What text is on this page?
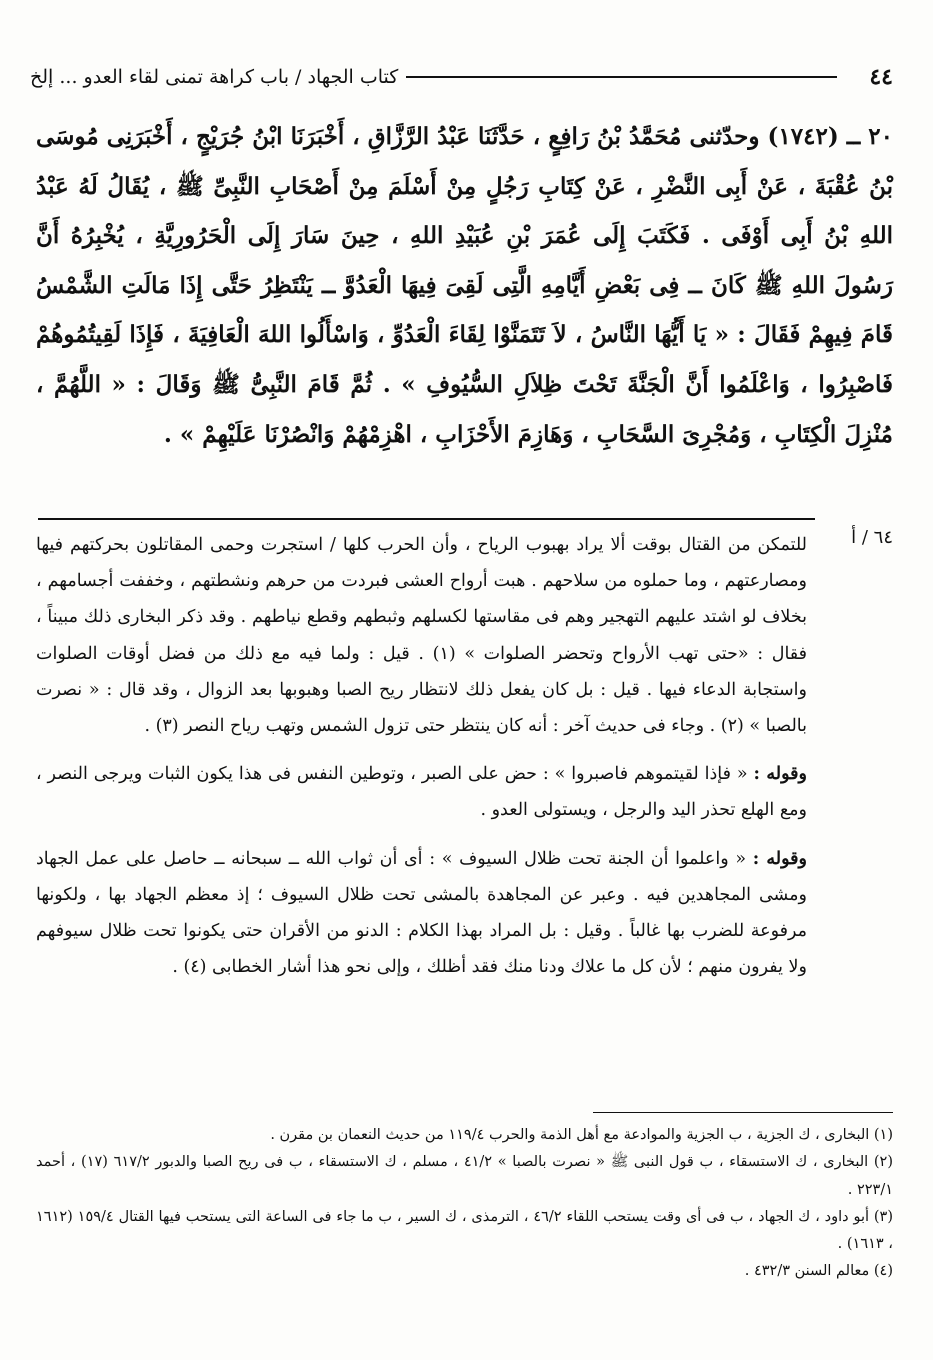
٤٤
كتاب الجهاد / باب كراهة تمنى لقاء العدو ... إلخ

٢٠ ــ (١٧٤٢) وحدّثنى مُحَمَّدُ بْنُ رَافِعٍ ، حَدَّثَنَا عَبْدُ الرَّزَّاقِ ، أَخْبَرَنَا ابْنُ جُرَيْجٍ ، أَخْبَرَنِى مُوسَى بْنُ عُقْبَةَ ، عَنْ أَبِى النَّضْرِ ، عَنْ كِتَابِ رَجُلٍ مِنْ أَسْلَمَ مِنْ أَصْحَابِ النَّبِىِّ ﷺ ، يُقَالُ لَهُ عَبْدُ اللهِ بْنُ أَبِى أَوْفَى . فَكَتَبَ إِلَى عُمَرَ بْنِ عُبَيْدِ اللهِ ، حِينَ سَارَ إِلَى الْحَرُورِيَّةِ ، يُخْبِرُهُ أَنَّ رَسُولَ اللهِ ﷺ كَانَ ــ فِى بَعْضِ أَيَّامِهِ الَّتِى لَقِىَ فِيهَا الْعَدُوَّ ــ يَنْتَظِرُ حَتَّى إِذَا مَالَتِ الشَّمْسُ قَامَ فِيهِمْ فَقَالَ : « يَا أَيُّهَا النَّاسُ ، لاَ تَتَمَنَّوْا لِقَاءَ الْعَدُوِّ ، وَاسْأَلُوا اللهَ الْعَافِيَةَ ، فَإِذَا لَقِيتُمُوهُمْ فَاصْبِرُوا ، وَاعْلَمُوا أَنَّ الْجَنَّةَ تَحْتَ ظِلاَلِ السُّيُوفِ » . ثُمَّ قَامَ النَّبِىُّ ﷺ وَقَالَ : « اللَّهُمَّ ، مُنْزِلَ الْكِتَابِ ، وَمُجْرِىَ السَّحَابِ ، وَهَازِمَ الأَحْزَابِ ، اهْزِمْهُمْ وَانْصُرْنَا عَلَيْهِمْ » .

٦٤ / أ

للتمكن من القتال بوقت ألا يراد بهبوب الرياح ، وأن الحرب كلها / استجرت وحمى المقاتلون بحركتهم فيها ومصارعتهم ، وما حملوه من سلاحهم . هبت أرواح العشى فبردت من حرهم ونشطتهم ، وخففت أجسامهم ، بخلاف لو اشتد عليهم التهجير وهم فى مقاستها لكسلهم وثبطهم وقطع نياطهم . وقد ذكر البخارى ذلك مبيناً ، فقال : «حتى تهب الأرواح وتحضر الصلوات » (١) . قيل : ولما فيه مع ذلك من فضل أوقات الصلوات واستجابة الدعاء فيها . قيل : بل كان يفعل ذلك لانتظار ريح الصبا وهبوبها بعد الزوال ، وقد قال : « نصرت بالصبا » (٢) . وجاء فى حديث آخر : أنه كان ينتظر حتى تزول الشمس وتهب رياح النصر (٣) .

وقوله : « فإذا لقيتموهم فاصبروا » : حض على الصبر ، وتوطين النفس فى هذا يكون الثبات ويرجى النصر ، ومع الهلع تحذر اليد والرجل ، ويستولى العدو .

وقوله : « واعلموا أن الجنة تحت ظلال السيوف » : أى أن ثواب الله ــ سبحانه ــ حاصل على عمل الجهاد ومشى المجاهدين فيه . وعبر عن المجاهدة بالمشى تحت ظلال السيوف ؛ إذ معظم الجهاد بها ، ولكونها مرفوعة للضرب بها غالباً . وقيل : بل المراد بهذا الكلام : الدنو من الأقران حتى يكونوا تحت ظلال سيوفهم ولا يفرون منهم ؛ لأن كل ما علاك ودنا منك فقد أظلك ، وإلى نحو هذا أشار الخطابى (٤) .

(١) البخارى ، ك الجزية ، ب الجزية والموادعة مع أهل الذمة والحرب ١١٩/٤ من حديث النعمان بن مقرن .

(٢) البخارى ، ك الاستسقاء ، ب قول النبى ﷺ « نصرت بالصبا » ٤١/٢ ، مسلم ، ك الاستسقاء ، ب فى ريح الصبا والدبور ٦١٧/٢ (١٧) ، أحمد ٢٢٣/١ .

(٣) أبو داود ، ك الجهاد ، ب فى أى وقت يستحب اللقاء ٤٦/٢ ، الترمذى ، ك السير ، ب ما جاء فى الساعة التى يستحب فيها القتال ١٥٩/٤ (١٦١٢ ، ١٦١٣) .

(٤) معالم السنن ٤٣٢/٣ .
